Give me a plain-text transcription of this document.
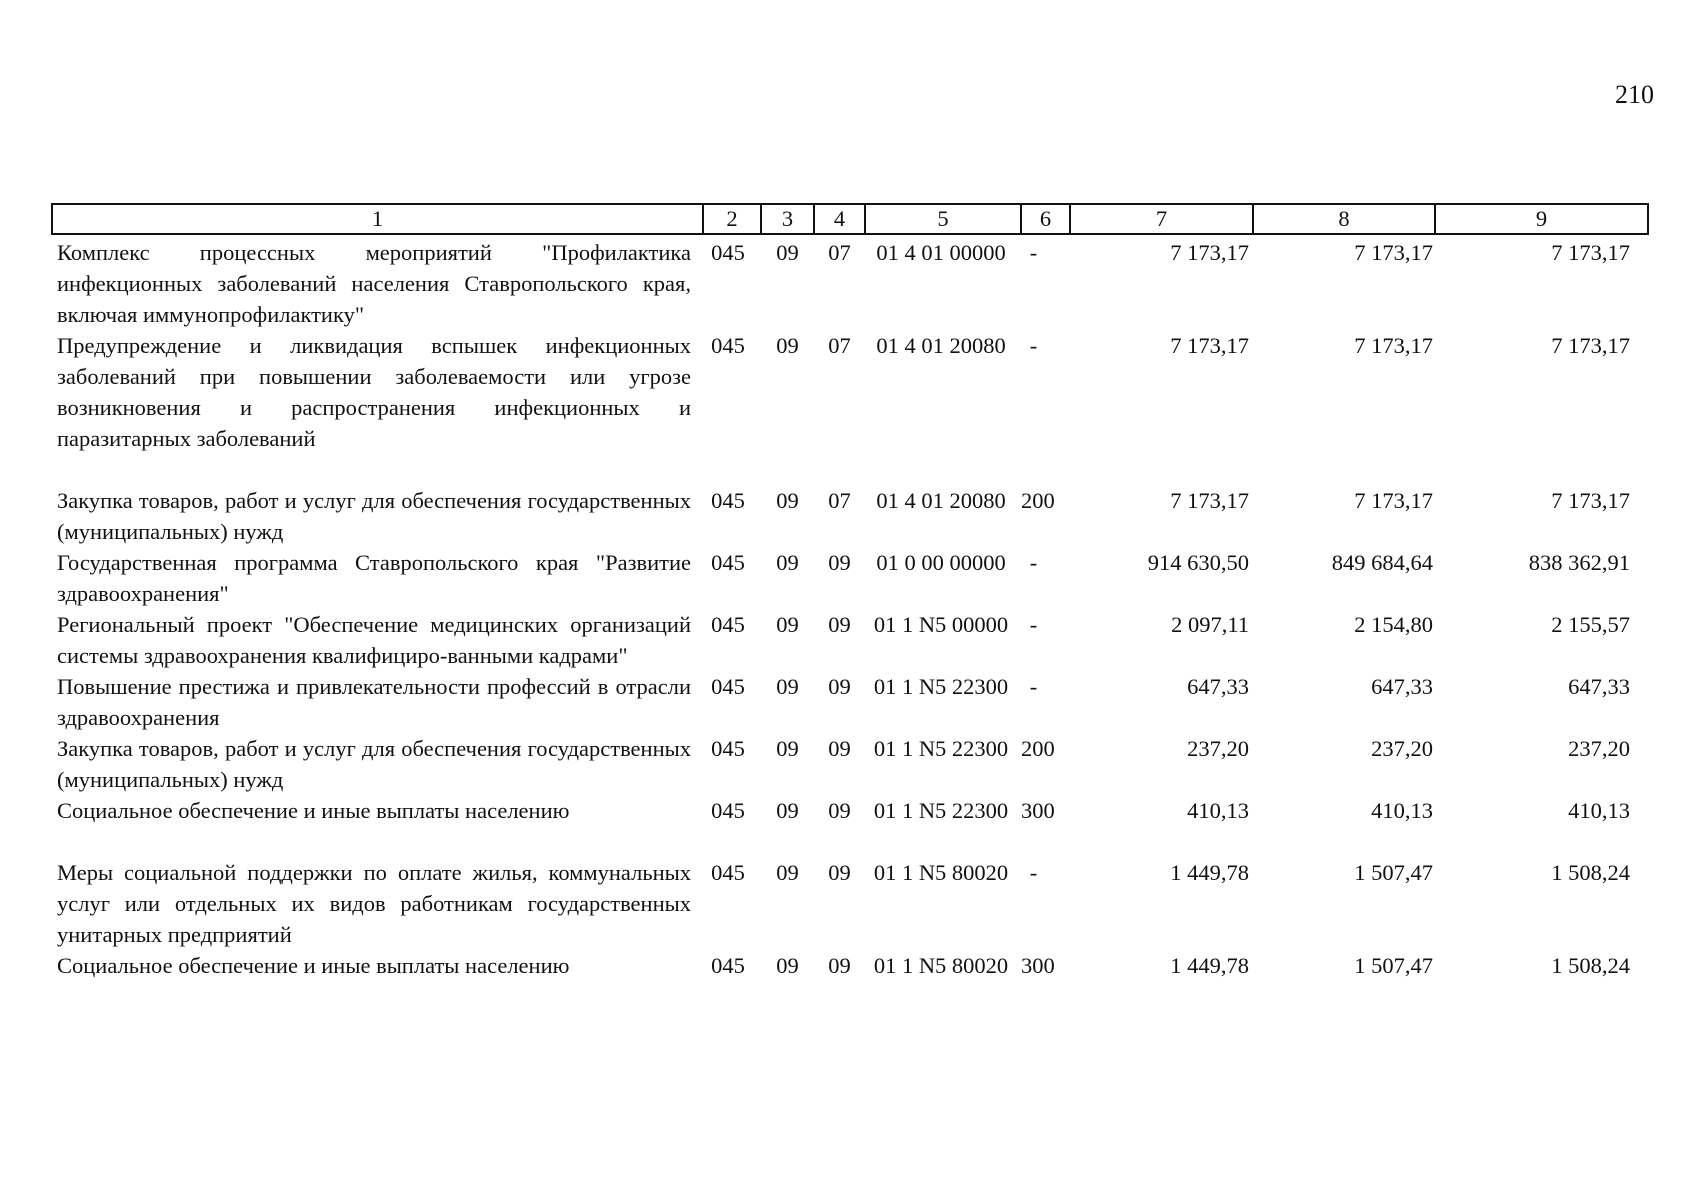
210
1	2	3	4	5	6	7	8	9
Комплекс процессных мероприятий "Профилактика инфекционных заболеваний населения Ставропольского края, включая иммунопрофилактику"	045	09	07	01 4 01 00000	-	7 173,17	7 173,17	7 173,17
Предупреждение и ликвидация вспышек инфекционных заболеваний при повышении заболеваемости или угрозе возникновения и распространения инфекционных и паразитарных заболеваний	045	09	07	01 4 01 20080	-	7 173,17	7 173,17	7 173,17
Закупка товаров, работ и услуг для обеспечения государственных (муниципальных) нужд	045	09	07	01 4 01 20080	200	7 173,17	7 173,17	7 173,17
Государственная программа Ставропольского края "Развитие здравоохранения"	045	09	09	01 0 00 00000	-	914 630,50	849 684,64	838 362,91
Региональный проект "Обеспечение медицинских организаций системы здравоохранения квалифициро-ванными кадрами"	045	09	09	01 1 N5 00000	-	2 097,11	2 154,80	2 155,57
Повышение престижа и привлекательности профессий в отрасли здравоохранения	045	09	09	01 1 N5 22300	-	647,33	647,33	647,33
Закупка товаров, работ и услуг для обеспечения государственных (муниципальных) нужд	045	09	09	01 1 N5 22300	200	237,20	237,20	237,20
Социальное обеспечение и иные выплаты населению	045	09	09	01 1 N5 22300	300	410,13	410,13	410,13
Меры социальной поддержки по оплате жилья, коммунальных услуг или отдельных их видов работникам государственных унитарных предприятий	045	09	09	01 1 N5 80020	-	1 449,78	1 507,47	1 508,24
Социальное обеспечение и иные выплаты населению	045	09	09	01 1 N5 80020	300	1 449,78	1 507,47	1 508,24
